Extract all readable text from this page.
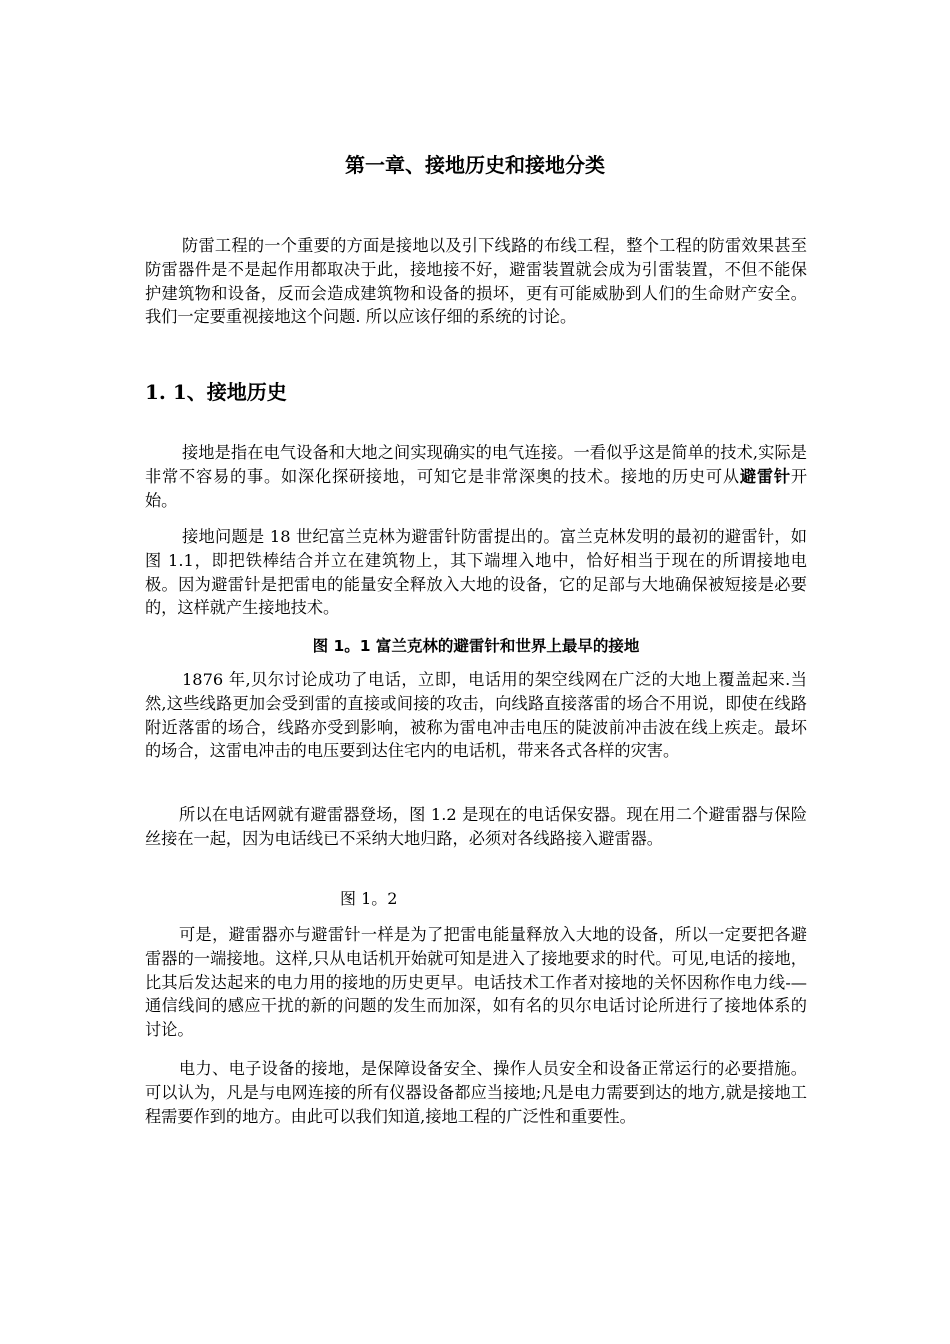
第一章、接地历史和接地分类

防雷工程的一个重要的方面是接地以及引下线路的布线工程，整个工程的防雷效果甚至防雷器件是不是起作用都取决于此，接地接不好，避雷装置就会成为引雷装置，不但不能保护建筑物和设备，反而会造成建筑物和设备的损坏，更有可能威胁到人们的生命财产安全。我们一定要重视接地这个问题. 所以应该仔细的系统的讨论。

1. 1、接地历史

接地是指在电气设备和大地之间实现确实的电气连接。一看似乎这是简单的技术,实际是非常不容易的事。如深化探研接地，可知它是非常深奥的技术。接地的历史可从避雷针开始。

接地问题是 18 世纪富兰克林为避雷针防雷提出的。富兰克林发明的最初的避雷针，如图 1.1，即把铁棒结合并立在建筑物上，其下端埋入地中，恰好相当于现在的所谓接地电极。因为避雷针是把雷电的能量安全释放入大地的设备，它的足部与大地确保被短接是必要的，这样就产生接地技术。

图 1。1 富兰克林的避雷针和世界上最早的接地

1876 年,贝尔讨论成功了电话，立即，电话用的架空线网在广泛的大地上覆盖起来.当然,这些线路更加会受到雷的直接或间接的攻击，向线路直接落雷的场合不用说，即使在线路附近落雷的场合，线路亦受到影响，被称为雷电冲击电压的陡波前冲击波在线上疾走。最坏的场合，这雷电冲击的电压要到达住宅内的电话机，带来各式各样的灾害。

所以在电话网就有避雷器登场，图 1.2 是现在的电话保安器。现在用二个避雷器与保险丝接在一起，因为电话线已不采纳大地归路，必须对各线路接入避雷器。

图 1。2

可是，避雷器亦与避雷针一样是为了把雷电能量释放入大地的设备，所以一定要把各避雷器的一端接地。这样,只从电话机开始就可知是进入了接地要求的时代。可见,电话的接地，比其后发达起来的电力用的接地的历史更早。电话技术工作者对接地的关怀因称作电力线-—通信线间的感应干扰的新的问题的发生而加深，如有名的贝尔电话讨论所进行了接地体系的讨论。

电力、电子设备的接地，是保障设备安全、操作人员安全和设备正常运行的必要措施。可以认为，凡是与电网连接的所有仪器设备都应当接地;凡是电力需要到达的地方,就是接地工程需要作到的地方。由此可以我们知道,接地工程的广泛性和重要性。
